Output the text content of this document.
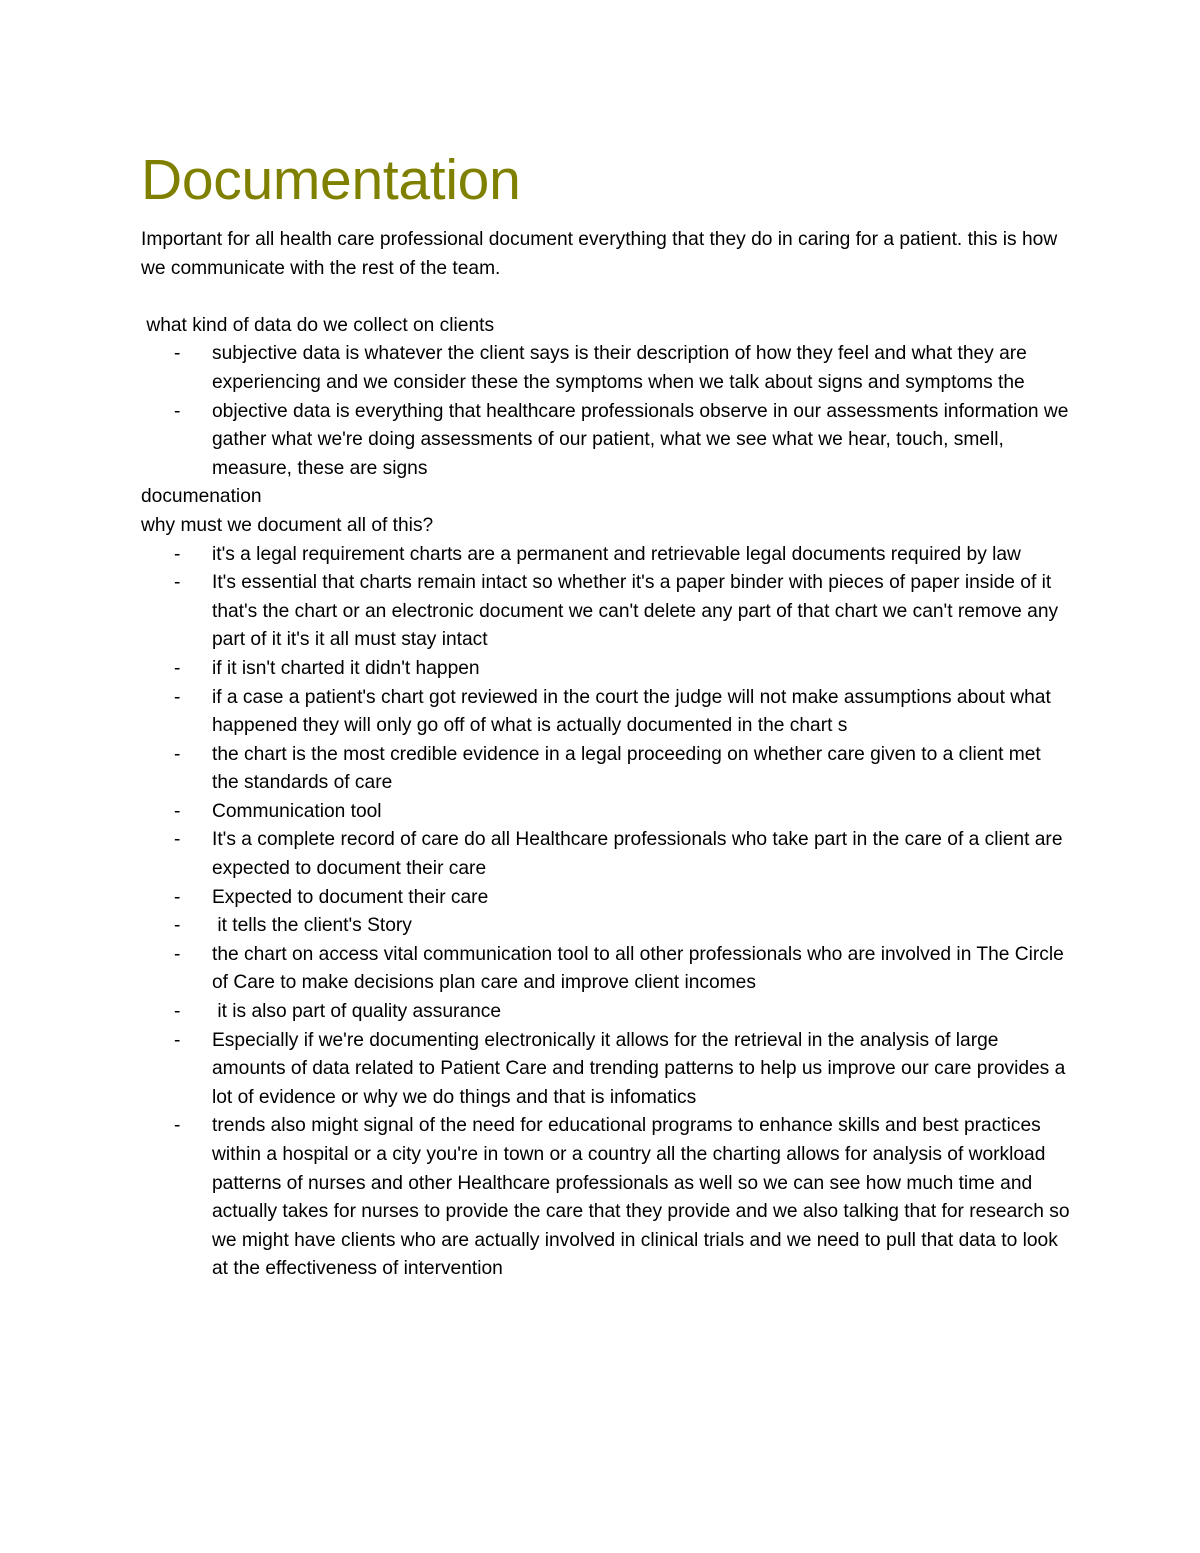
Documentation

Important for all health care professional document everything that they do in caring for a patient. this is how we communicate with the rest of the team.

what kind of data do we collect on clients

-	subjective data is whatever the client says is their description of how they feel and what they are experiencing and we consider these the symptoms when we talk about signs and symptoms the
-	objective data is everything that healthcare professionals observe in our assessments information we gather what we're doing assessments of our patient, what we see what we hear, touch, smell, measure, these are signs

documenation

why must we document all of this?

-	it's a legal requirement charts are a permanent and retrievable legal documents required by law
-	It's essential that charts remain intact so whether it's a paper binder with pieces of paper inside of it that's the chart or an electronic document we can't delete any part of that chart we can't remove any part of it it's it all must stay intact
-	if it isn't charted it didn't happen
-	if a case a patient's chart got reviewed in the court the judge will not make assumptions about what happened they will only go off of what is actually documented in the chart s
-	the chart is the most credible evidence in a legal proceeding on whether care given to a client met the standards of care
-	Communication tool
-	It's a complete record of care do all Healthcare professionals who take part in the care of a client are expected to document their care
-	Expected to document their care
-	it tells the client's Story
-	the chart on access vital communication tool to all other professionals who are involved in The Circle of Care to make decisions plan care and improve client incomes
-	it is also part of quality assurance
-	Especially if we're documenting electronically it allows for the retrieval in the analysis of large amounts of data related to Patient Care and trending patterns to help us improve our care provides a lot of evidence or why we do things and that is infomatics
-	trends also might signal of the need for educational programs to enhance skills and best practices within a hospital or a city you're in town or a country all the charting allows for analysis of workload patterns of nurses and other Healthcare professionals as well so we can see how much time and actually takes for nurses to provide the care that they provide and we also talking that for research so we might have clients who are actually involved in clinical trials and we need to pull that data to look at the effectiveness of intervention
